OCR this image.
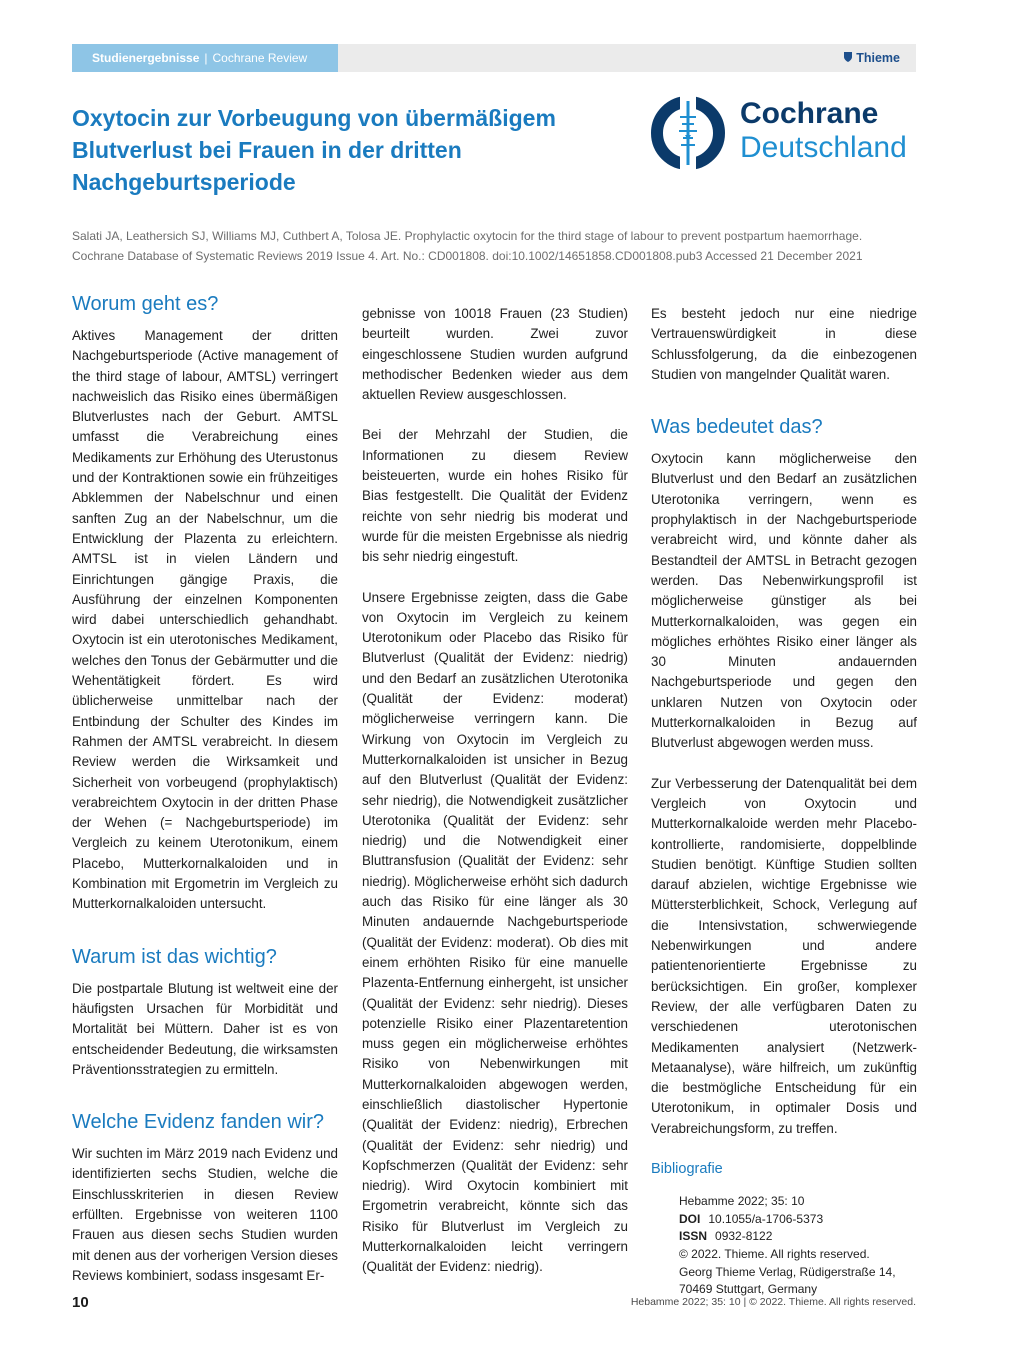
Studienergebnisse | Cochrane Review	Thieme
Oxytocin zur Vorbeugung von übermäßigem Blutverlust bei Frauen in der dritten Nachgeburtsperiode
Cochrane
Deutschland
Salati JA, Leathersich SJ, Williams MJ, Cuthbert A, Tolosa JE. Prophylactic oxytocin for the third stage of labour to prevent postpartum haemorrhage.
Cochrane Database of Systematic Reviews 2019 Issue 4. Art. No.: CD001808. doi:10.1002/14651858.CD001808.pub3 Accessed 21 December 2021
Worum geht es?

Aktives Management der dritten Nachgeburtsperiode (Active management of the third stage of labour, AMTSL) verringert nachweislich das Risiko eines übermäßigen Blutverlustes nach der Geburt. AMTSL umfasst die Verabreichung eines Medikaments zur Erhöhung des Uterustonus und der Kontraktionen sowie ein frühzeitiges Abklemmen der Nabelschnur und einen sanften Zug an der Nabelschnur, um die Entwicklung der Plazenta zu erleichtern. AMTSL ist in vielen Ländern und Einrichtungen gängige Praxis, die Ausführung der einzelnen Komponenten wird dabei unterschiedlich gehandhabt. Oxytocin ist ein uterotonisches Medikament, welches den Tonus der Gebärmutter und die Wehentätigkeit fördert. Es wird üblicherweise unmittelbar nach der Entbindung der Schulter des Kindes im Rahmen der AMTSL verabreicht. In diesem Review werden die Wirksamkeit und Sicherheit von vorbeugend (prophylaktisch) verabreichtem Oxytocin in der dritten Phase der Wehen (= Nachgeburtsperiode) im Vergleich zu keinem Uterotonikum, einem Placebo, Mutterkornalkaloiden und in Kombination mit Ergometrin im Vergleich zu Mutterkornalkaloiden untersucht.

Warum ist das wichtig?

Die postpartale Blutung ist weltweit eine der häufigsten Ursachen für Morbidität und Mortalität bei Müttern. Daher ist es von entscheidender Bedeutung, die wirksamsten Präventionsstrategien zu ermitteln.

Welche Evidenz fanden wir?

Wir suchten im März 2019 nach Evidenz und identifizierten sechs Studien, welche die Einschlusskriterien in diesen Review erfüllten. Ergebnisse von weiteren 1100 Frauen aus diesen sechs Studien wurden mit denen aus der vorherigen Version dieses Reviews kombiniert, sodass insgesamt Er-

gebnisse von 10018 Frauen (23 Studien) beurteilt wurden. Zwei zuvor eingeschlossene Studien wurden aufgrund methodischer Bedenken wieder aus dem aktuellen Review ausgeschlossen.

Bei der Mehrzahl der Studien, die Informationen zu diesem Review beisteuerten, wurde ein hohes Risiko für Bias festgestellt. Die Qualität der Evidenz reichte von sehr niedrig bis moderat und wurde für die meisten Ergebnisse als niedrig bis sehr niedrig eingestuft.

Unsere Ergebnisse zeigten, dass die Gabe von Oxytocin im Vergleich zu keinem Uterotonikum oder Placebo das Risiko für Blutverlust (Qualität der Evidenz: niedrig) und den Bedarf an zusätzlichen Uterotonika (Qualität der Evidenz: moderat) möglicherweise verringern kann. Die Wirkung von Oxytocin im Vergleich zu Mutterkornalkaloiden ist unsicher in Bezug auf den Blutverlust (Qualität der Evidenz: sehr niedrig), die Notwendigkeit zusätzlicher Uterotonika (Qualität der Evidenz: sehr niedrig) und die Notwendigkeit einer Bluttransfusion (Qualität der Evidenz: sehr niedrig). Möglicherweise erhöht sich dadurch auch das Risiko für eine länger als 30 Minuten andauernde Nachgeburtsperiode (Qualität der Evidenz: moderat). Ob dies mit einem erhöhten Risiko für eine manuelle Plazenta-Entfernung einhergeht, ist unsicher (Qualität der Evidenz: sehr niedrig). Dieses potenzielle Risiko einer Plazentaretention muss gegen ein möglicherweise erhöhtes Risiko von Nebenwirkungen mit Mutterkornalkaloiden abgewogen werden, einschließlich diastolischer Hypertonie (Qualität der Evidenz: niedrig), Erbrechen (Qualität der Evidenz: sehr niedrig) und Kopfschmerzen (Qualität der Evidenz: sehr niedrig). Wird Oxytocin kombiniert mit Ergometrin verabreicht, könnte sich das Risiko für Blutverlust im Vergleich zu Mutterkornalkaloiden leicht verringern (Qualität der Evidenz: niedrig).

Es besteht jedoch nur eine niedrige Vertrauenswürdigkeit in diese Schlussfolgerung, da die einbezogenen Studien von mangelnder Qualität waren.

Was bedeutet das?

Oxytocin kann möglicherweise den Blutverlust und den Bedarf an zusätzlichen Uterotonika verringern, wenn es prophylaktisch in der Nachgeburtsperiode verabreicht wird, und könnte daher als Bestandteil der AMTSL in Betracht gezogen werden. Das Nebenwirkungsprofil ist möglicherweise günstiger als bei Mutterkornalkaloiden, was gegen ein mögliches erhöhtes Risiko einer länger als 30 Minuten andauernden Nachgeburtsperiode und gegen den unklaren Nutzen von Oxytocin oder Mutterkornalkaloiden in Bezug auf Blutverlust abgewogen werden muss.

Zur Verbesserung der Datenqualität bei dem Vergleich von Oxytocin und Mutterkornalkaloide werden mehr Placebo-kontrollierte, randomisierte, doppelblinde Studien benötigt. Künftige Studien sollten darauf abzielen, wichtige Ergebnisse wie Müttersterblichkeit, Schock, Verlegung auf die Intensivstation, schwerwiegende Nebenwirkungen und andere patientenorientierte Ergebnisse zu berücksichtigen. Ein großer, komplexer Review, der alle verfügbaren Daten zu verschiedenen uterotonischen Medikamenten analysiert (Netzwerk-Metaanalyse), wäre hilfreich, um zukünftig die bestmögliche Entscheidung für ein Uterotonikum, in optimaler Dosis und Verabreichungsform, zu treffen.

Bibliografie
Hebamme 2022; 35: 10
DOI 10.1055/a-1706-5373
ISSN 0932-8122
© 2022. Thieme. All rights reserved.
Georg Thieme Verlag, Rüdigerstraße 14,
70469 Stuttgart, Germany
10	Hebamme 2022; 35: 10 | © 2022. Thieme. All rights reserved.
